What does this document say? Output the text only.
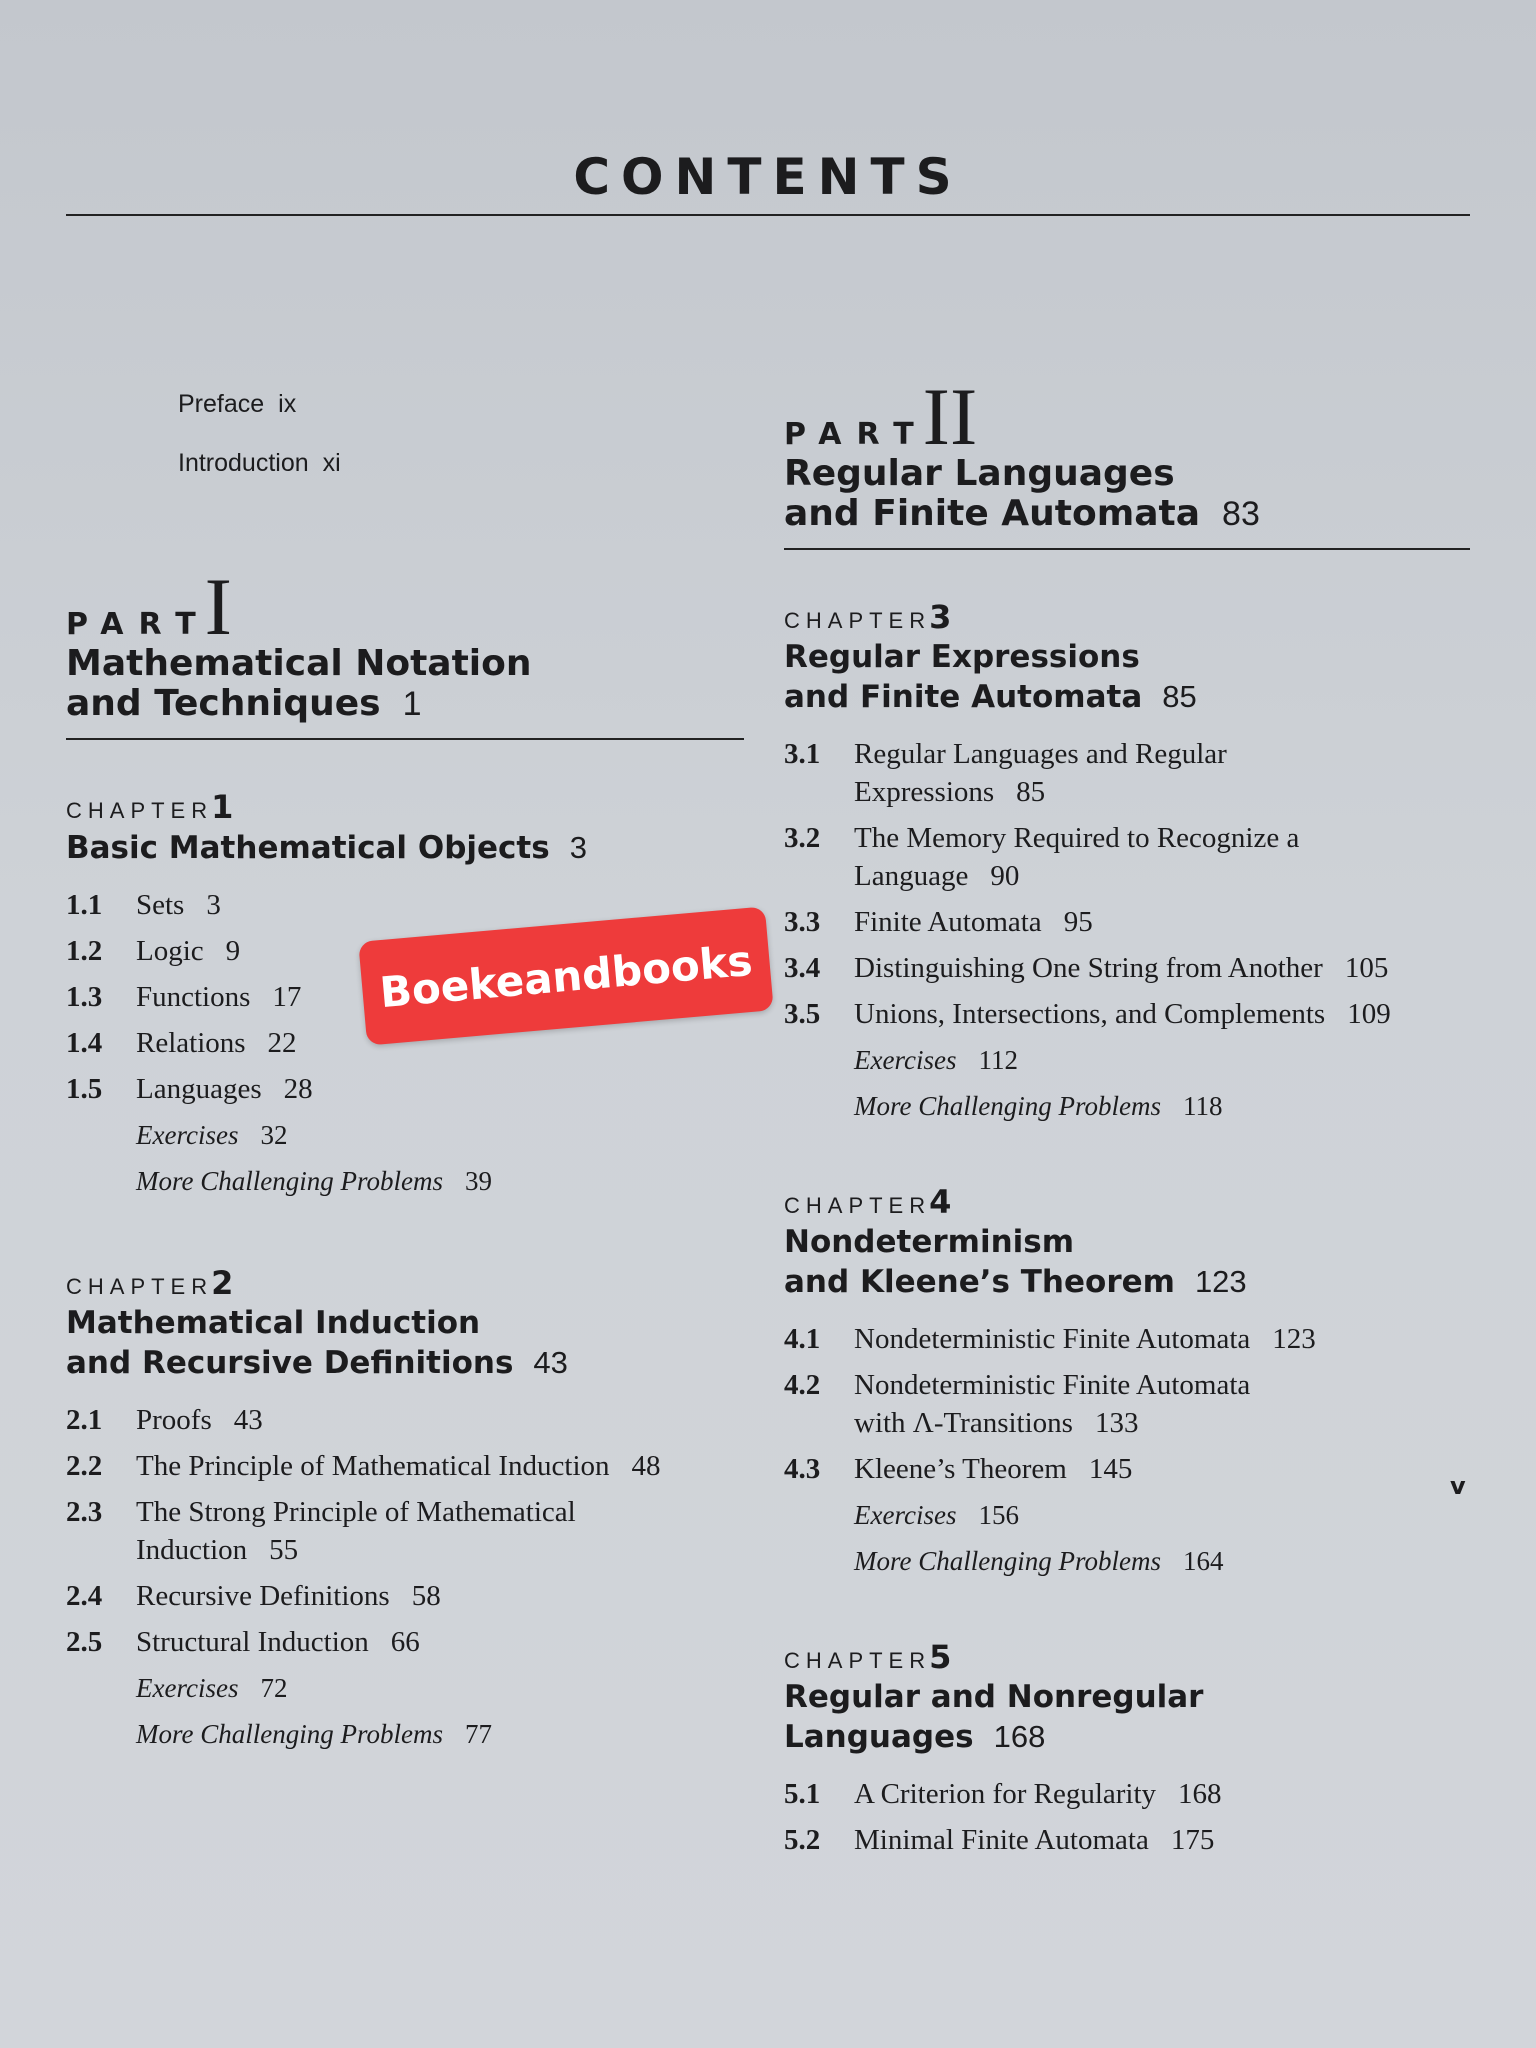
CONTENTS
Preface ix
Introduction xi
PART
I
Mathematical Notation
and Techniques 1
CHAPTER
1
Basic Mathematical Objects 3
1.1	Sets 3
1.2	Logic 9
1.3	Functions 17
1.4	Relations 22
1.5	Languages 28
Exercises 32
More Challenging Problems 39
CHAPTER
2
Mathematical Induction
and Recursive Definitions 43
2.1	Proofs 43
2.2	The Principle of Mathematical Induction 48
2.3	The Strong Principle of Mathematical
Induction 55
2.4	Recursive Definitions 58
2.5	Structural Induction 66
Exercises 72
More Challenging Problems 77
PART
II
Regular Languages
and Finite Automata 83
CHAPTER
3
Regular Expressions
and Finite Automata 85
3.1	Regular Languages and Regular
Expressions 85
3.2	The Memory Required to Recognize a
Language 90
3.3	Finite Automata 95
3.4	Distinguishing One String from Another 105
3.5	Unions, Intersections, and Complements 109
Exercises 112
More Challenging Problems 118
CHAPTER
4
Nondeterminism
and Kleene’s Theorem 123
4.1	Nondeterministic Finite Automata 123
4.2	Nondeterministic Finite Automata
with Λ-Transitions 133
4.3	Kleene’s Theorem 145
Exercises 156
More Challenging Problems 164
CHAPTER
5
Regular and Nonregular
Languages 168
5.1	A Criterion for Regularity 168
5.2	Minimal Finite Automata 175
Boekeandbooks
v
